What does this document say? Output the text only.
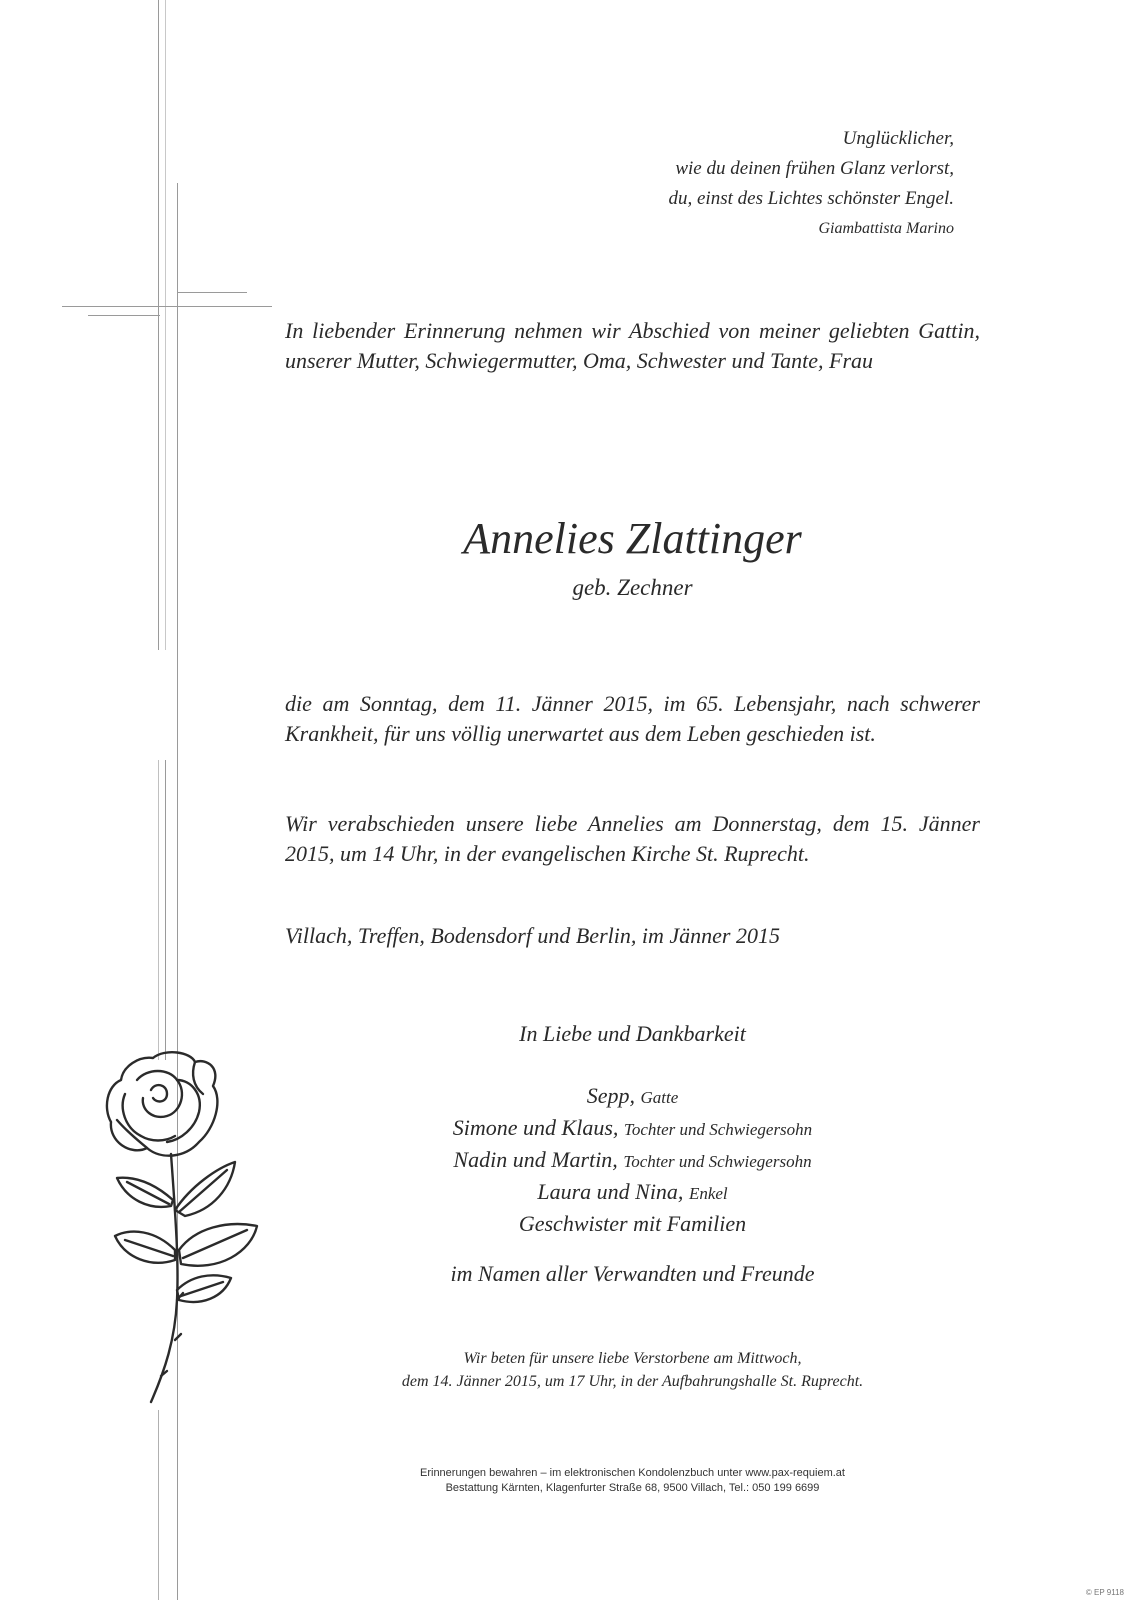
Unglücklicher,
wie du deinen frühen Glanz verlorst,
du, einst des Lichtes schönster Engel.
Giambattista Marino
In liebender Erinnerung nehmen wir Abschied von meiner geliebten Gattin, unserer Mutter, Schwiegermutter, Oma, Schwester und Tante, Frau
Annelies Zlattinger
geb. Zechner
die am Sonntag, dem 11. Jänner 2015, im 65. Lebensjahr, nach schwerer Krankheit, für uns völlig unerwartet aus dem Leben geschieden ist.
Wir verabschieden unsere liebe Annelies am Donnerstag, dem 15. Jänner 2015, um 14 Uhr, in der evangelischen Kirche St. Ruprecht.
Villach, Treffen, Bodensdorf und Berlin, im Jänner 2015
In Liebe und Dankbarkeit
Sepp, Gatte
Simone und Klaus, Tochter und Schwiegersohn
Nadin und Martin, Tochter und Schwiegersohn
Laura und Nina, Enkel
Geschwister mit Familien
im Namen aller Verwandten und Freunde
Wir beten für unsere liebe Verstorbene am Mittwoch,
dem 14. Jänner 2015, um 17 Uhr, in der Aufbahrungshalle St. Ruprecht.
Erinnerungen bewahren – im elektronischen Kondolenzbuch unter www.pax-requiem.at
Bestattung Kärnten, Klagenfurter Straße 68, 9500 Villach, Tel.: 050 199 6699
© EP 9118
